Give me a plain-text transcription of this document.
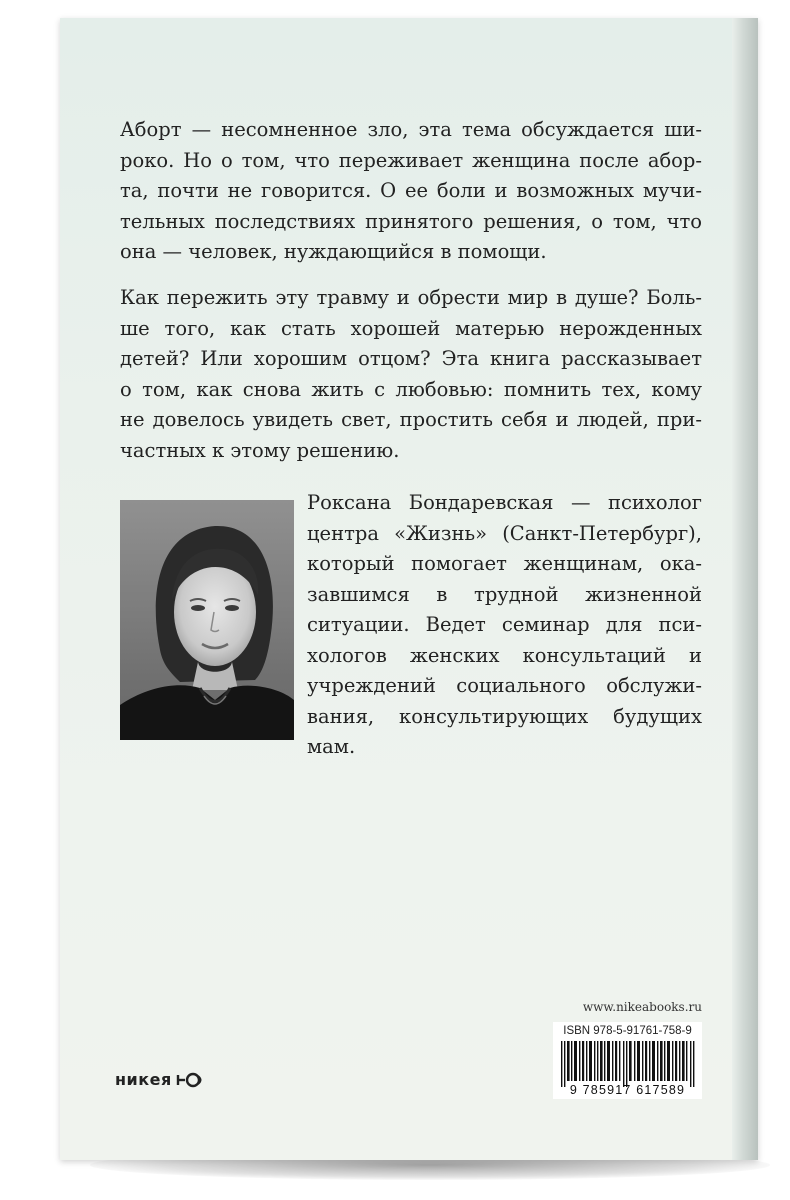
Аборт — несомненное зло, эта тема обсуждается ши-
роко. Но о том, что переживает женщина после абор-
та, почти не говорится. О ее боли и возможных мучи-
тельных последствиях принятого решения, о том, что
она — человек, нуждающийся в помощи.

Как пережить эту травму и обрести мир в душе? Боль-
ше того, как стать хорошей матерью нерожденных
детей? Или хорошим отцом? Эта книга рассказывает
о том, как снова жить с любовью: помнить тех, кому
не довелось увидеть свет, простить себя и людей, при-
частных к этому решению.

Роксана Бондаревская — психолог
центра «Жизнь» (Санкт-Петербург),
который помогает женщинам, ока-
завшимся в трудной жизненной
ситуации. Ведет семинар для пси-
хологов женских консультаций и
учреждений социального обслужи-
вания, консультирующих будущих
мам.

никея
www.nikeabooks.ru
ISBN 978-5-91761-758-9
9 785917 617589
